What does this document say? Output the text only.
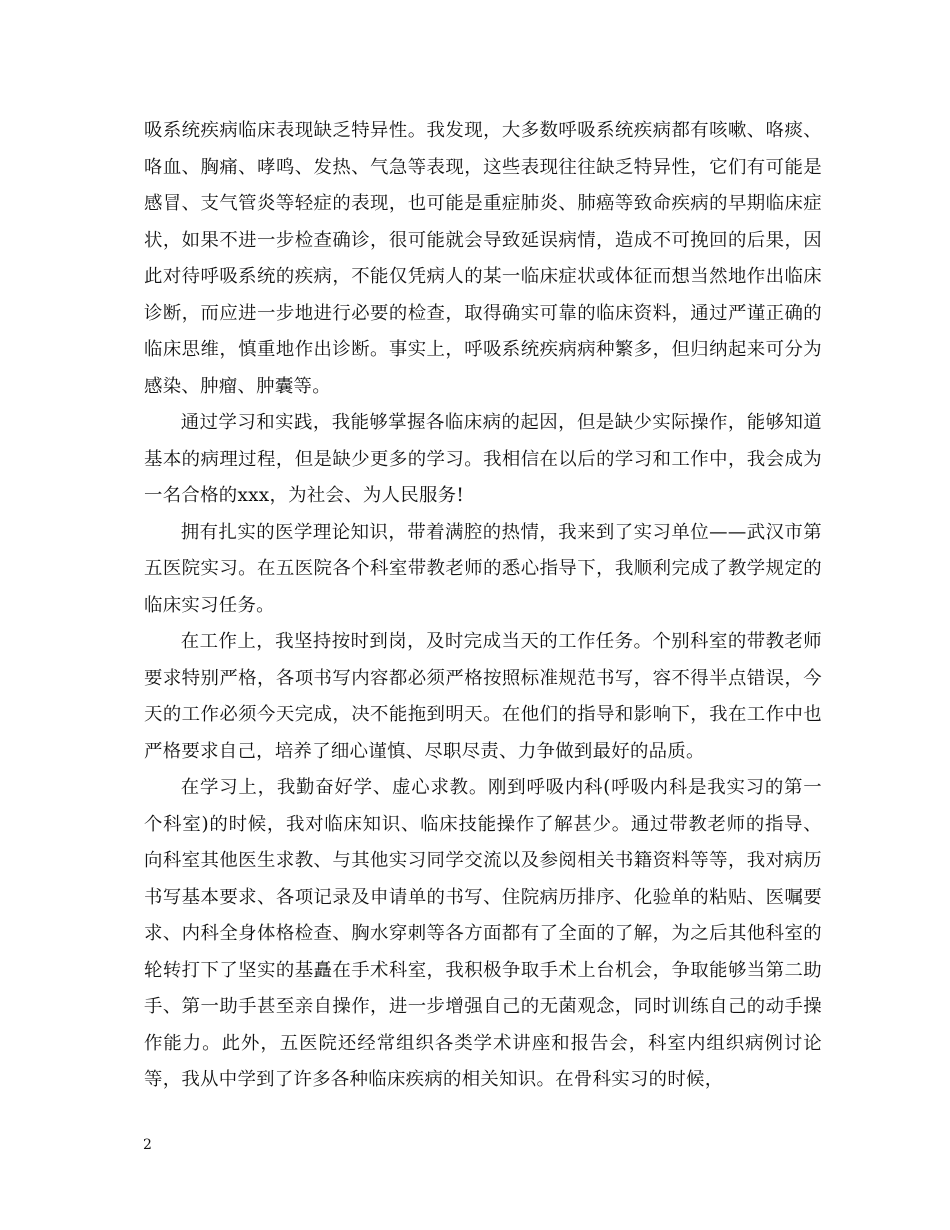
吸系统疾病临床表现缺乏特异性。我发现，大多数呼吸系统疾病都有咳嗽、咯痰、咯血、胸痛、哮鸣、发热、气急等表现，这些表现往往缺乏特异性，它们有可能是感冒、支气管炎等轻症的表现，也可能是重症肺炎、肺癌等致命疾病的早期临床症状，如果不进一步检查确诊，很可能就会导致延误病情，造成不可挽回的后果，因此对待呼吸系统的疾病，不能仅凭病人的某一临床症状或体征而想当然地作出临床诊断，而应进一步地进行必要的检查，取得确实可靠的临床资料，通过严谨正确的临床思维，慎重地作出诊断。事实上，呼吸系统疾病病种繁多，但归纳起来可分为感染、肿瘤、肿囊等。

通过学习和实践，我能够掌握各临床病的起因，但是缺少实际操作，能够知道基本的病理过程，但是缺少更多的学习。我相信在以后的学习和工作中，我会成为一名合格的xxx，为社会、为人民服务!

拥有扎实的医学理论知识，带着满腔的热情，我来到了实习单位——武汉市第五医院实习。在五医院各个科室带教老师的悉心指导下，我顺利完成了教学规定的临床实习任务。

在工作上，我坚持按时到岗，及时完成当天的工作任务。个别科室的带教老师要求特别严格，各项书写内容都必须严格按照标准规范书写，容不得半点错误，今天的工作必须今天完成，决不能拖到明天。在他们的指导和影响下，我在工作中也严格要求自己，培养了细心谨慎、尽职尽责、力争做到最好的品质。

在学习上，我勤奋好学、虚心求教。刚到呼吸内科(呼吸内科是我实习的第一个科室)的时候，我对临床知识、临床技能操作了解甚少。通过带教老师的指导、向科室其他医生求教、与其他实习同学交流以及参阅相关书籍资料等等，我对病历书写基本要求、各项记录及申请单的书写、住院病历排序、化验单的粘贴、医嘱要求、内科全身体格检查、胸水穿刺等各方面都有了全面的了解，为之后其他科室的轮转打下了坚实的基矗在手术科室，我积极争取手术上台机会，争取能够当第二助手、第一助手甚至亲自操作，进一步增强自己的无菌观念，同时训练自己的动手操作能力。此外，五医院还经常组织各类学术讲座和报告会，科室内组织病例讨论等，我从中学到了许多各种临床疾病的相关知识。在骨科实习的时候，

2
